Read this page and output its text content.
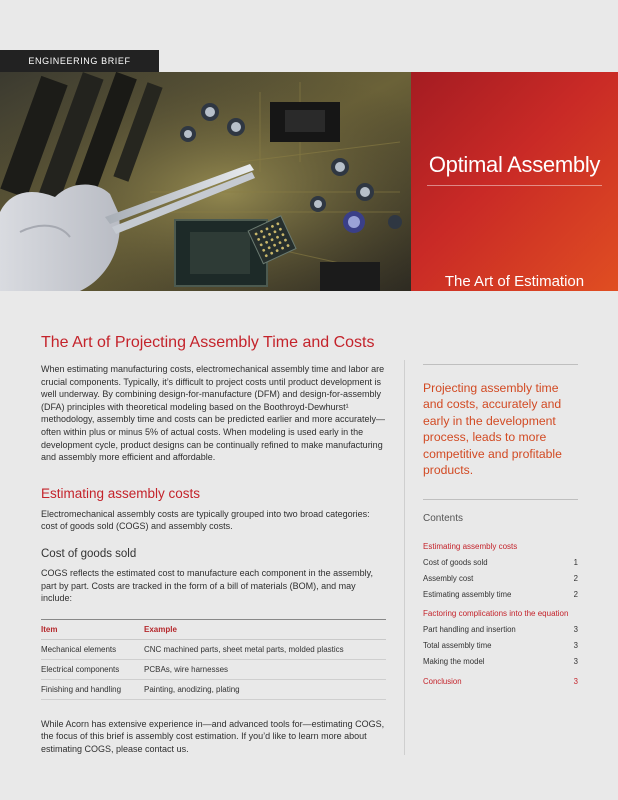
ENGINEERING BRIEF
Optimal Assembly
The Art of Estimation
The Art of Projecting Assembly Time and Costs

When estimating manufacturing costs, electromechanical assembly time and labor are crucial components. Typically, it’s difficult to project costs until product development is well underway. By combining design-for-manufacture (DFM) and design-for-assembly (DFA) principles with theoretical modeling based on the Boothroyd-Dewhurst¹ methodology, assembly time and costs can be predicted earlier and more accurately—often within plus or minus 5% of actual costs. When modeling is used early in the development cycle, product designs can be continually refined to make manufacturing and assembly more efficient and affordable.

Estimating assembly costs

Electromechanical assembly costs are typically grouped into two broad categories: cost of goods sold (COGS) and assembly costs.

Cost of goods sold

COGS reflects the estimated cost to manufacture each component in the assembly, part by part. Costs are tracked in the form of a bill of materials (BOM), and may include:

Item	Example
Mechanical elements	CNC machined parts, sheet metal parts, molded plastics
Electrical components	PCBAs, wire harnesses
Finishing and handling	Painting, anodizing, plating

While Acorn has extensive experience in—and advanced tools for—estimating COGS, the focus of this brief is assembly cost estimation. If you’d like to learn more about estimating COGS, please contact us.

Projecting assembly time and costs, accurately and early in the development process, leads to more competitive and profitable products.
Contents
Estimating assembly costs
Cost of goods sold	1
Assembly cost	2
Estimating assembly time	2
Factoring complications into the equation
Part handling and insertion	3
Total assembly time	3
Making the model	3
Conclusion	3
